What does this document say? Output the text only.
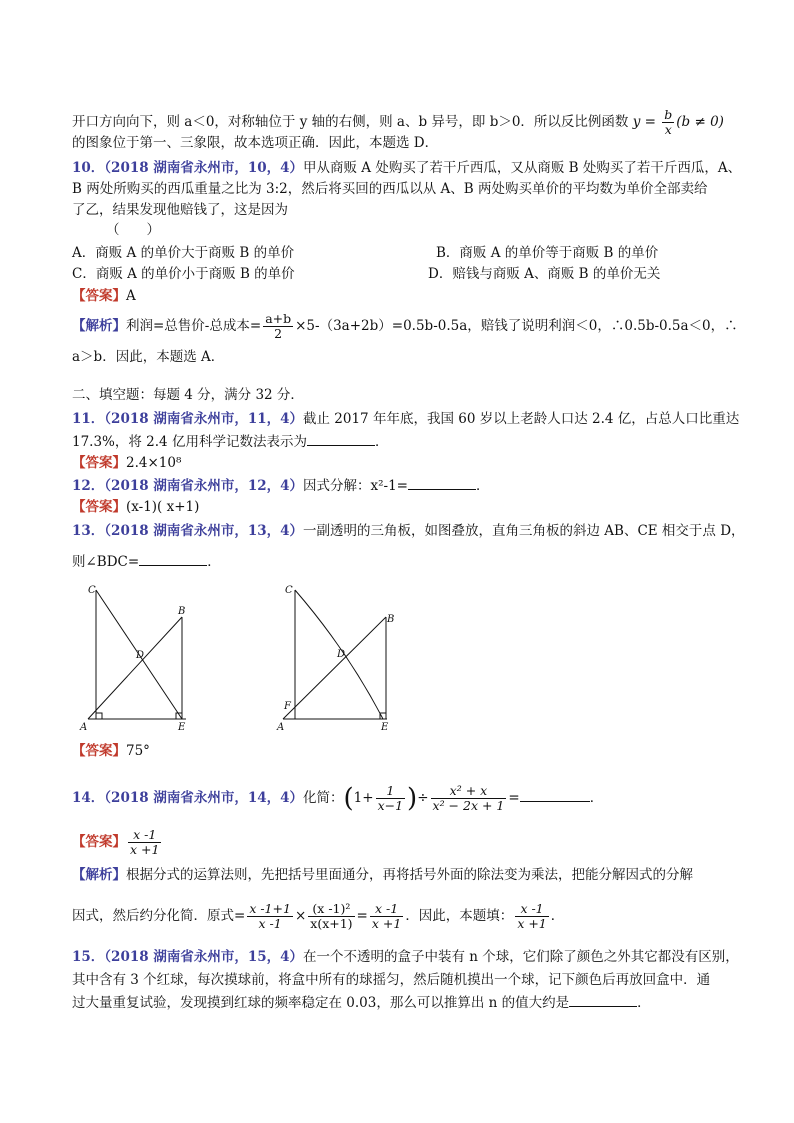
开口方向向下，则 a＜0，对称轴位于 y 轴的右侧，则 a、b 异号，即 b＞0．所以反比例函数 $y = \frac{b}{x} (b \ne 0)$
的图象位于第一、三象限，故本选项正确．因此，本题选 D．
10．（2018 湖南省永州市，10，4）甲从商贩 A 处购买了若干斤西瓜，又从商贩 B 处购买了若干斤西瓜，A、
B 两处所购买的西瓜重量之比为 3:2，然后将买回的西瓜以从 A、B 两处购买单价的平均数为单价全部卖给
了乙，结果发现他赔钱了，这是因为
（　　）
A．商贩 A 的单价大于商贩 B 的单价	B．商贩 A 的单价等于商贩 B 的单价
C．商贩 A 的单价小于商贩 B 的单价	D．赔钱与商贩 A、商贩 B 的单价无关
【答案】A
【解析】利润=总售价-总成本= $\frac{a+b}{2} \times 5-(3a+2b)=0.5b-0.5a$，赔钱了说明利润＜0，∴0.5b-0.5a＜0，∴
a＞b．因此，本题选 A．
二、填空题：每题 4 分，满分 32 分．
11．（2018 湖南省永州市，11，4）截止 2017 年年底，我国 60 岁以上老龄人口达 2.4 亿，占总人口比重达
17.3%，将 2.4 亿用科学记数法表示为	．
【答案】2.4×10⁸
12．（2018 湖南省永州市，12，4）因式分解：x²-1=	．
【答案】(x-1)( x+1)
13．（2018 湖南省永州市，13，4）一副透明的三角板，如图叠放，直角三角板的斜边 AB、CE 相交于点 D，
则∠BDC=	．
C
B
D
A	E
C
B
D
F
A	E
【答案】75°
14．（2018 湖南省永州市，14，4）化简：($1+ \frac{1}{x-1}$ )÷ $\frac{\text{x² + x}}{\text{x² − 2x + 1}}$ =	．
【答案】 $\frac{x -1}{x +1}$
【解析】根据分式的运算法则，先把括号里面通分，再将括号外面的除法变为乘法，把能分解因式的分解
因式，然后约分化简．原式= $\frac{x -1+1}{x -1} \times \frac{\text{(x -1)²}}{x(x+1)} = \frac{x -1}{x +1}$ ．因此，本题填： $\frac{x -1}{x +1}$ ．
15．（2018 湖南省永州市，15，4）在一个不透明的盒子中装有 n 个球，它们除了颜色之外其它都没有区别，
其中含有 3 个红球，每次摸球前，将盒中所有的球摇匀，然后随机摸出一个球，记下颜色后再放回盒中．通
过大量重复试验，发现摸到红球的频率稳定在 0.03，那么可以推算出 n 的值大约是	．
